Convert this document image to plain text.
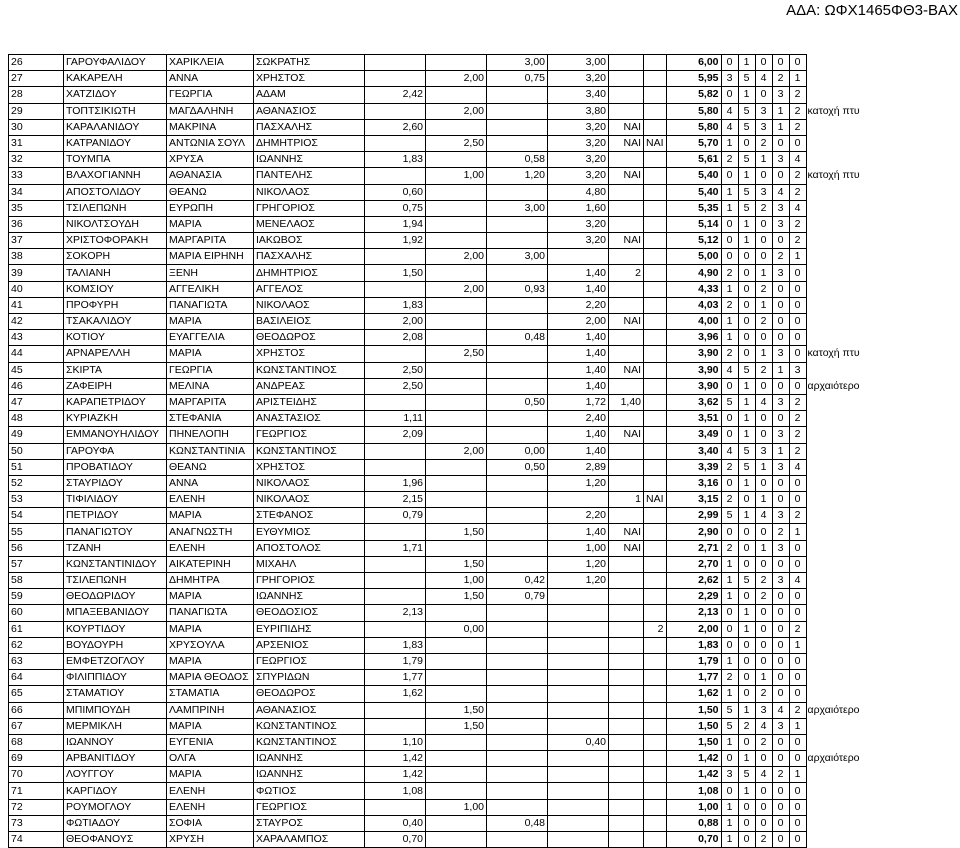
ΑΔΑ: ΩΦΧ1465ΦΘ3-ΒΑΧ
26	ΓΑΡΟΥΦΑΛΙΔΟΥ	ΧΑΡΙΚΛΕΙΑ	ΣΩΚΡΑΤΗΣ			3,00	3,00			6,00	0	1	0	0	0	
27	ΚΑΚΑΡΕΛΗ	ΑΝΝΑ	ΧΡΗΣΤΟΣ		2,00	0,75	3,20			5,95	3	5	4	2	1	
28	ΧΑΤΖΙΔΟΥ	ΓΕΩΡΓΙΑ	ΑΔΑΜ	2,42			3,40			5,82	0	1	0	3	2	
29	ΤΟΠΤΣΙΚΙΩΤΗ	ΜΑΓΔΑΛΗΝΗ	ΑΘΑΝΑΣΙΟΣ		2,00		3,80			5,80	4	5	3	1	2	κατοχή πτυ
30	ΚΑΡΑΛΑΝΙΔΟΥ	ΜΑΚΡΙΝΑ	ΠΑΣΧΑΛΗΣ	2,60			3,20	ΝΑΙ		5,80	4	5	3	1	2	
31	ΚΑΤΡΑΝΙΔΟΥ	ΑΝΤΩΝΙΑ ΣΟΥΛ	ΔΗΜΗΤΡΙΟΣ		2,50		3,20	ΝΑΙ	ΝΑΙ	5,70	1	0	2	0	0	
32	ΤΟΥΜΠΑ	ΧΡΥΣΑ	ΙΩΑΝΝΗΣ	1,83		0,58	3,20			5,61	2	5	1	3	4	
33	ΒΛΑΧΟΓΙΑΝΝΗ	ΑΘΑΝΑΣΙΑ	ΠΑΝΤΕΛΗΣ		1,00	1,20	3,20	ΝΑΙ		5,40	0	1	0	0	2	κατοχή πτυ
34	ΑΠΟΣΤΟΛΙΔΟΥ	ΘΕΑΝΩ	ΝΙΚΟΛΑΟΣ	0,60			4,80			5,40	1	5	3	4	2	
35	ΤΣΙΛΕΠΩΝΗ	ΕΥΡΩΠΗ	ΓΡΗΓΟΡΙΟΣ	0,75		3,00	1,60			5,35	1	5	2	3	4	
36	ΝΙΚΟΛΤΣΟΥΔΗ	ΜΑΡΙΑ	ΜΕΝΕΛΑΟΣ	1,94			3,20			5,14	0	1	0	3	2	
37	ΧΡΙΣΤΟΦΟΡΑΚΗ	ΜΑΡΓΑΡΙΤΑ	ΙΑΚΩΒΟΣ	1,92			3,20	ΝΑΙ		5,12	0	1	0	0	2	
38	ΣΟΚΟΡΗ	ΜΑΡΙΑ ΕΙΡΗΝΗ	ΠΑΣΧΑΛΗΣ		2,00	3,00				5,00	0	0	0	2	1	
39	ΤΑΛΙΑΝΗ	ΞΕΝΗ	ΔΗΜΗΤΡΙΟΣ	1,50			1,40	2		4,90	2	0	1	3	0	
40	ΚΟΜΣΙΟΥ	ΑΓΓΕΛΙΚΗ	ΑΓΓΕΛΟΣ		2,00	0,93	1,40			4,33	1	0	2	0	0	
41	ΠΡΟΦΥΡΗ	ΠΑΝΑΓΙΩΤΑ	ΝΙΚΟΛΑΟΣ	1,83			2,20			4,03	2	0	1	0	0	
42	ΤΣΑΚΑΛΙΔΟΥ	ΜΑΡΙΑ	ΒΑΣΙΛΕΙΟΣ	2,00			2,00	ΝΑΙ		4,00	1	0	2	0	0	
43	ΚΟΤΙΟΥ	ΕΥΑΓΓΕΛΙΑ	ΘΕΟΔΩΡΟΣ	2,08		0,48	1,40			3,96	1	0	0	0	0	
44	ΑΡΝΑΡΕΛΛΗ	ΜΑΡΙΑ	ΧΡΗΣΤΟΣ		2,50		1,40			3,90	2	0	1	3	0	κατοχή πτυ
45	ΣΚΙΡΤΑ	ΓΕΩΡΓΙΑ	ΚΩΝΣΤΑΝΤΙΝΟΣ	2,50			1,40	ΝΑΙ		3,90	4	5	2	1	3	
46	ΖΑΦΕΙΡΗ	ΜΕΛΙΝΑ	ΑΝΔΡΕΑΣ	2,50			1,40			3,90	0	1	0	0	0	αρχαιότερο
47	ΚΑΡΑΠΕΤΡΙΔΟΥ	ΜΑΡΓΑΡΙΤΑ	ΑΡΙΣΤΕΙΔΗΣ			0,50	1,72	1,40		3,62	5	1	4	3	2	
48	ΚΥΡΙΑΖΚΗ	ΣΤΕΦΑΝΙΑ	ΑΝΑΣΤΑΣΙΟΣ	1,11			2,40			3,51	0	1	0	0	2	
49	ΕΜΜΑΝΟΥΗΛΙΔΟΥ	ΠΗΝΕΛΟΠΗ	ΓΕΩΡΓΙΟΣ	2,09			1,40	ΝΑΙ		3,49	0	1	0	3	2	
50	ΓΑΡΟΥΦΑ	ΚΩΝΣΤΑΝΤΙΝΙΑ	ΚΩΝΣΤΑΝΤΙΝΟΣ		2,00	0,00	1,40			3,40	4	5	3	1	2	
51	ΠΡΟΒΑΤΙΔΟΥ	ΘΕΑΝΩ	ΧΡΗΣΤΟΣ			0,50	2,89			3,39	2	5	1	3	4	
52	ΣΤΑΥΡΙΔΟΥ	ΑΝΝΑ	ΝΙΚΟΛΑΟΣ	1,96			1,20			3,16	0	1	0	0	0	
53	ΤΙΦΙΛΙΔΟΥ	ΕΛΕΝΗ	ΝΙΚΟΛΑΟΣ	2,15				1	ΝΑΙ	3,15	2	0	1	0	0	
54	ΠΕΤΡΙΔΟΥ	ΜΑΡΙΑ	ΣΤΕΦΑΝΟΣ	0,79			2,20			2,99	5	1	4	3	2	
55	ΠΑΝΑΓΙΩΤΟΥ	ΑΝΑΓΝΩΣΤΗ	ΕΥΘΥΜΙΟΣ		1,50		1,40	ΝΑΙ		2,90	0	0	0	2	1	
56	ΤΖΑΝΗ	ΕΛΕΝΗ	ΑΠΟΣΤΟΛΟΣ	1,71			1,00	ΝΑΙ		2,71	2	0	1	3	0	
57	ΚΩΝΣΤΑΝΤΙΝΙΔΟΥ	ΑΙΚΑΤΕΡΙΝΗ	ΜΙΧΑΗΛ		1,50		1,20			2,70	1	0	0	0	0	
58	ΤΣΙΛΕΠΩΝΗ	ΔΗΜΗΤΡΑ	ΓΡΗΓΟΡΙΟΣ		1,00	0,42	1,20			2,62	1	5	2	3	4	
59	ΘΕΟΔΩΡΙΔΟΥ	ΜΑΡΙΑ	ΙΩΑΝΝΗΣ		1,50	0,79				2,29	1	0	2	0	0	
60	ΜΠΑΞΕΒΑΝΙΔΟΥ	ΠΑΝΑΓΙΩΤΑ	ΘΕΟΔΟΣΙΟΣ	2,13						2,13	0	1	0	0	0	
61	ΚΟΥΡΤΙΔΟΥ	ΜΑΡΙΑ	ΕΥΡΙΠΙΔΗΣ		0,00				2	2,00	0	1	0	0	2	
62	ΒΟΥΔΟΥΡΗ	ΧΡΥΣΟΥΛΑ	ΑΡΣΕΝΙΟΣ	1,83						1,83	0	0	0	0	1	
63	ΕΜΦΕΤΖΟΓΛΟΥ	ΜΑΡΙΑ	ΓΕΩΡΓΙΟΣ	1,79						1,79	1	0	0	0	0	
64	ΦΙΛΙΠΠΙΔΟΥ	ΜΑΡΙΑ ΘΕΟΔΟΣ	ΣΠΥΡΙΔΩΝ	1,77						1,77	2	0	1	0	0	
65	ΣΤΑΜΑΤΙΟΥ	ΣΤΑΜΑΤΙΑ	ΘΕΟΔΩΡΟΣ	1,62						1,62	1	0	2	0	0	
66	ΜΠΙΜΠΟΥΔΗ	ΛΑΜΠΡΙΝΗ	ΑΘΑΝΑΣΙΟΣ		1,50					1,50	5	1	3	4	2	αρχαιότερο
67	ΜΕΡΜΙΚΛΗ	ΜΑΡΙΑ	ΚΩΝΣΤΑΝΤΙΝΟΣ		1,50					1,50	5	2	4	3	1	
68	ΙΩΑΝΝΟΥ	ΕΥΓΕΝΙΑ	ΚΩΝΣΤΑΝΤΙΝΟΣ	1,10			0,40			1,50	1	0	2	0	0	
69	ΑΡΒΑΝΙΤΙΔΟΥ	ΟΛΓΑ	ΙΩΑΝΝΗΣ	1,42						1,42	0	1	0	0	0	αρχαιότερο
70	ΛΟΥΓΓΟΥ	ΜΑΡΙΑ	ΙΩΑΝΝΗΣ	1,42						1,42	3	5	4	2	1	
71	ΚΑΡΓΙΔΟΥ	ΕΛΕΝΗ	ΦΩΤΙΟΣ	1,08						1,08	0	1	0	0	0	
72	ΡΟΥΜΟΓΛΟΥ	ΕΛΕΝΗ	ΓΕΩΡΓΙΟΣ		1,00					1,00	1	0	0	0	0	
73	ΦΩΤΙΑΔΟΥ	ΣΟΦΙΑ	ΣΤΑΥΡΟΣ	0,40		0,48				0,88	1	0	0	0	0	
74	ΘΕΟΦΑΝΟΥΣ	ΧΡΥΣΗ	ΧΑΡΑΛΑΜΠΟΣ	0,70						0,70	1	0	2	0	0	
